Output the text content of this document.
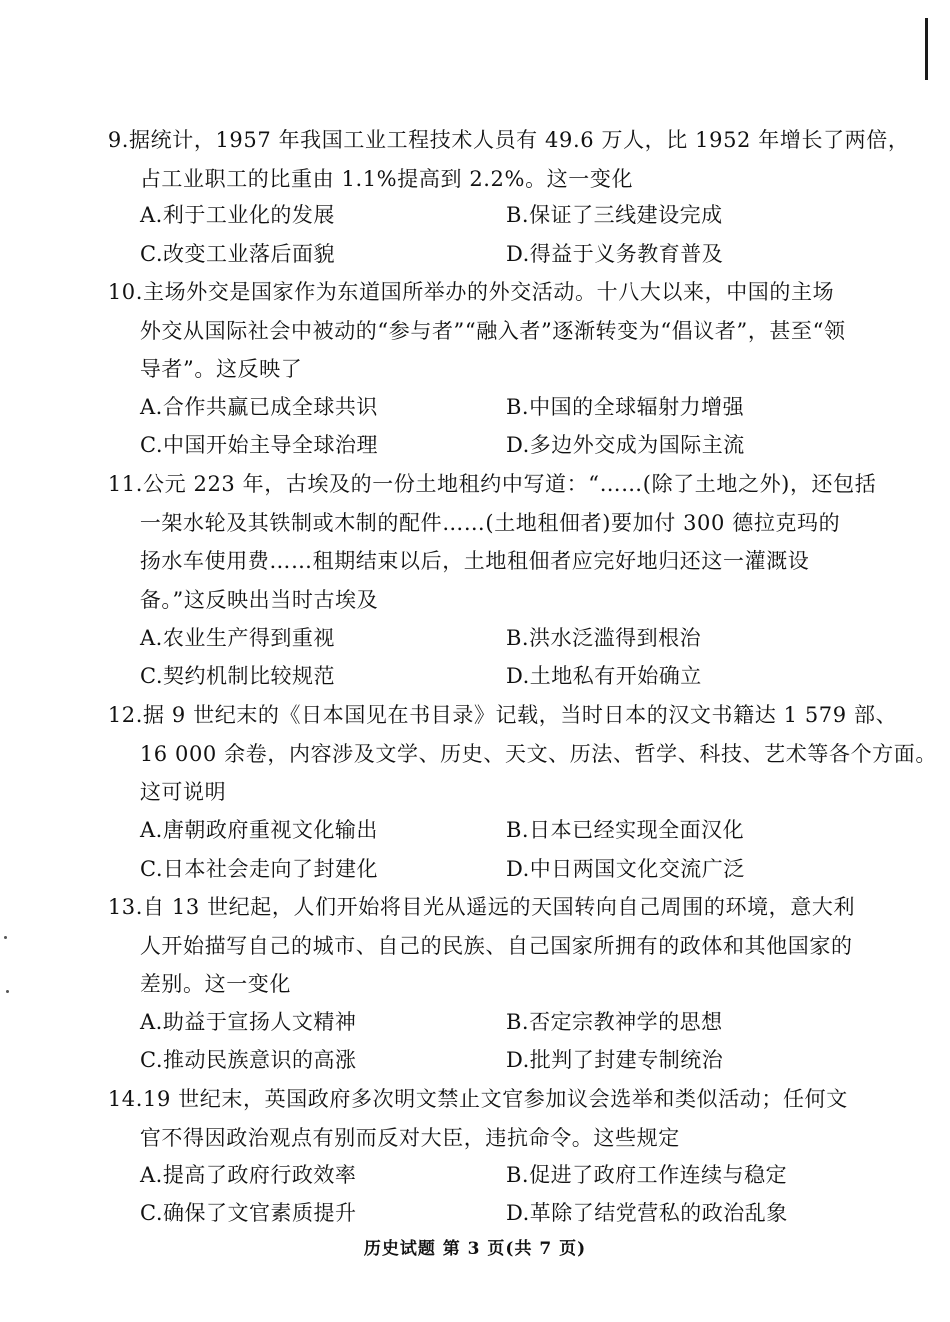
9.据统计，1957 年我国工业工程技术人员有 49.6 万人，比 1952 年增长了两倍，
占工业职工的比重由 1.1%提高到 2.2%。这一变化
A.利于工业化的发展	B.保证了三线建设完成
C.改变工业落后面貌	D.得益于义务教育普及
10.主场外交是国家作为东道国所举办的外交活动。十八大以来，中国的主场
外交从国际社会中被动的“参与者”“融入者”逐渐转变为“倡议者”，甚至“领
导者”。这反映了
A.合作共赢已成全球共识	B.中国的全球辐射力增强
C.中国开始主导全球治理	D.多边外交成为国际主流
11.公元 223 年，古埃及的一份土地租约中写道：“……(除了土地之外)，还包括
一架水轮及其铁制或木制的配件……(土地租佃者)要加付 300 德拉克玛的
扬水车使用费……租期结束以后，土地租佃者应完好地归还这一灌溉设
备。”这反映出当时古埃及
A.农业生产得到重视	B.洪水泛滥得到根治
C.契约机制比较规范	D.土地私有开始确立
12.据 9 世纪末的《日本国见在书目录》记载，当时日本的汉文书籍达 1 579 部、
16 000 余卷，内容涉及文学、历史、天文、历法、哲学、科技、艺术等各个方面。
这可说明
A.唐朝政府重视文化输出	B.日本已经实现全面汉化
C.日本社会走向了封建化	D.中日两国文化交流广泛
13.自 13 世纪起，人们开始将目光从遥远的天国转向自己周围的环境，意大利
人开始描写自己的城市、自己的民族、自己国家所拥有的政体和其他国家的
差别。这一变化
A.助益于宣扬人文精神	B.否定宗教神学的思想
C.推动民族意识的高涨	D.批判了封建专制统治
14.19 世纪末，英国政府多次明文禁止文官参加议会选举和类似活动；任何文
官不得因政治观点有别而反对大臣，违抗命令。这些规定
A.提高了政府行政效率	B.促进了政府工作连续与稳定
C.确保了文官素质提升	D.革除了结党营私的政治乱象
历史试题 第 3 页(共 7 页)
